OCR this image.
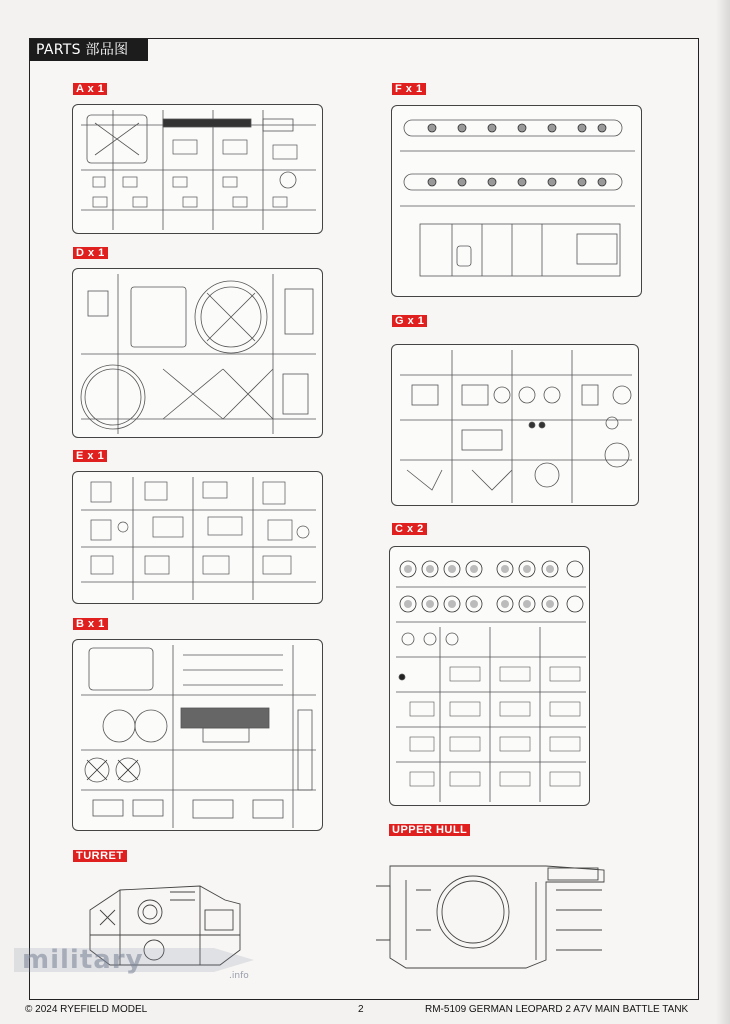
PARTS 部品图
A x 1
D x 1
E x 1
B x 1
F x 1
G x 1
C x 2
TURRET
UPPER HULL
military
.info
© 2024 RYEFIELD MODEL	2	RM-5109 GERMAN LEOPARD 2 A7V MAIN BATTLE TANK
